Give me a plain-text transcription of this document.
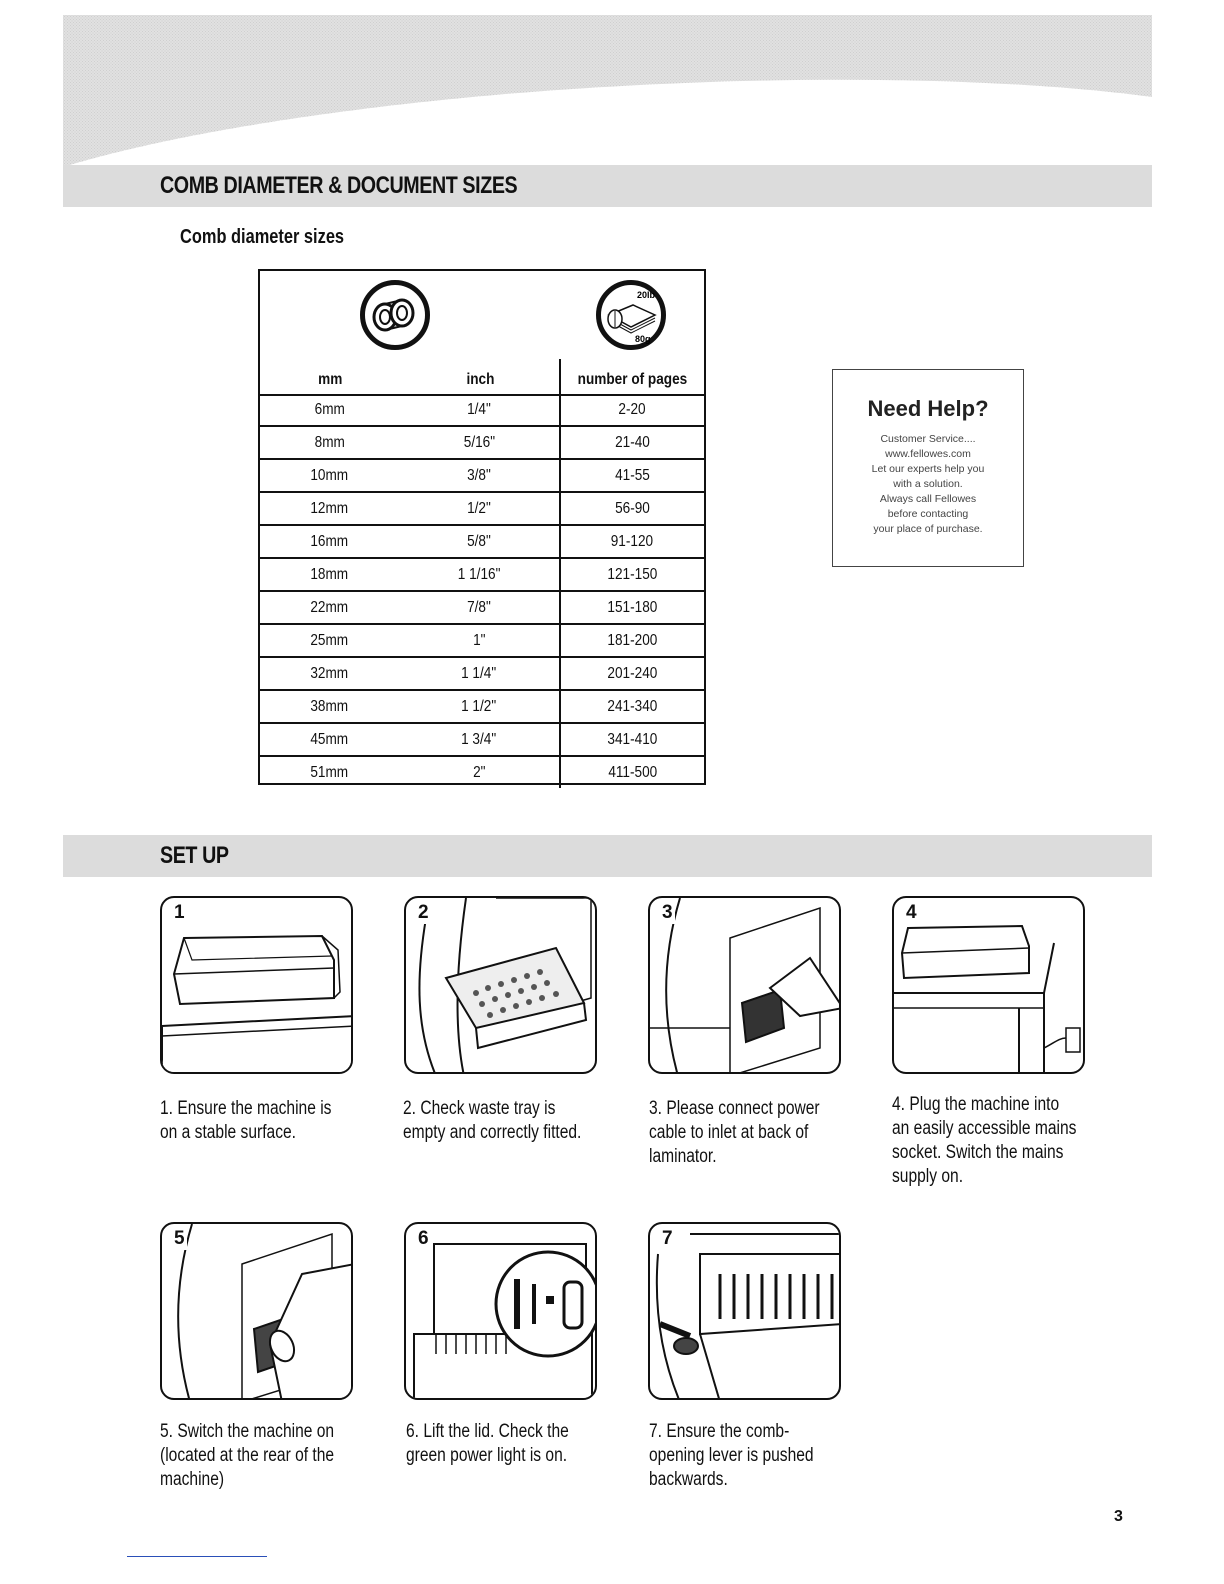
COMB DIAMETER & DOCUMENT SIZES
Comb diameter sizes
20lb
80g
mm	inch	number of pages
6mm	1/4"	2-20
8mm	5/16"	21-40
10mm	3/8"	41-55
12mm	1/2"	56-90
16mm	5/8"	91-120
18mm	1 1/16"	121-150
22mm	7/8"	151-180
25mm	1"	181-200
32mm	1 1/4"	201-240
38mm	1 1/2"	241-340
45mm	1 3/4"	341-410
51mm	2"	411-500
Need Help?
Customer Service....
www.fellowes.com
Let our experts help you
with a solution.
Always call Fellowes
before contacting
your place of purchase.
SET UP
1
1. Ensure the machine is on a stable surface.
2
2. Check waste tray is empty and correctly fitted.
3
3. Please connect power cable to inlet at back of laminator.
4
4. Plug the machine into an easily accessible mains socket. Switch the mains supply on.
5
5. Switch the machine on (located at the rear of the machine)
6
6. Lift the lid. Check the green power light is on.
7
7. Ensure the comb-opening lever is pushed backwards.
3
